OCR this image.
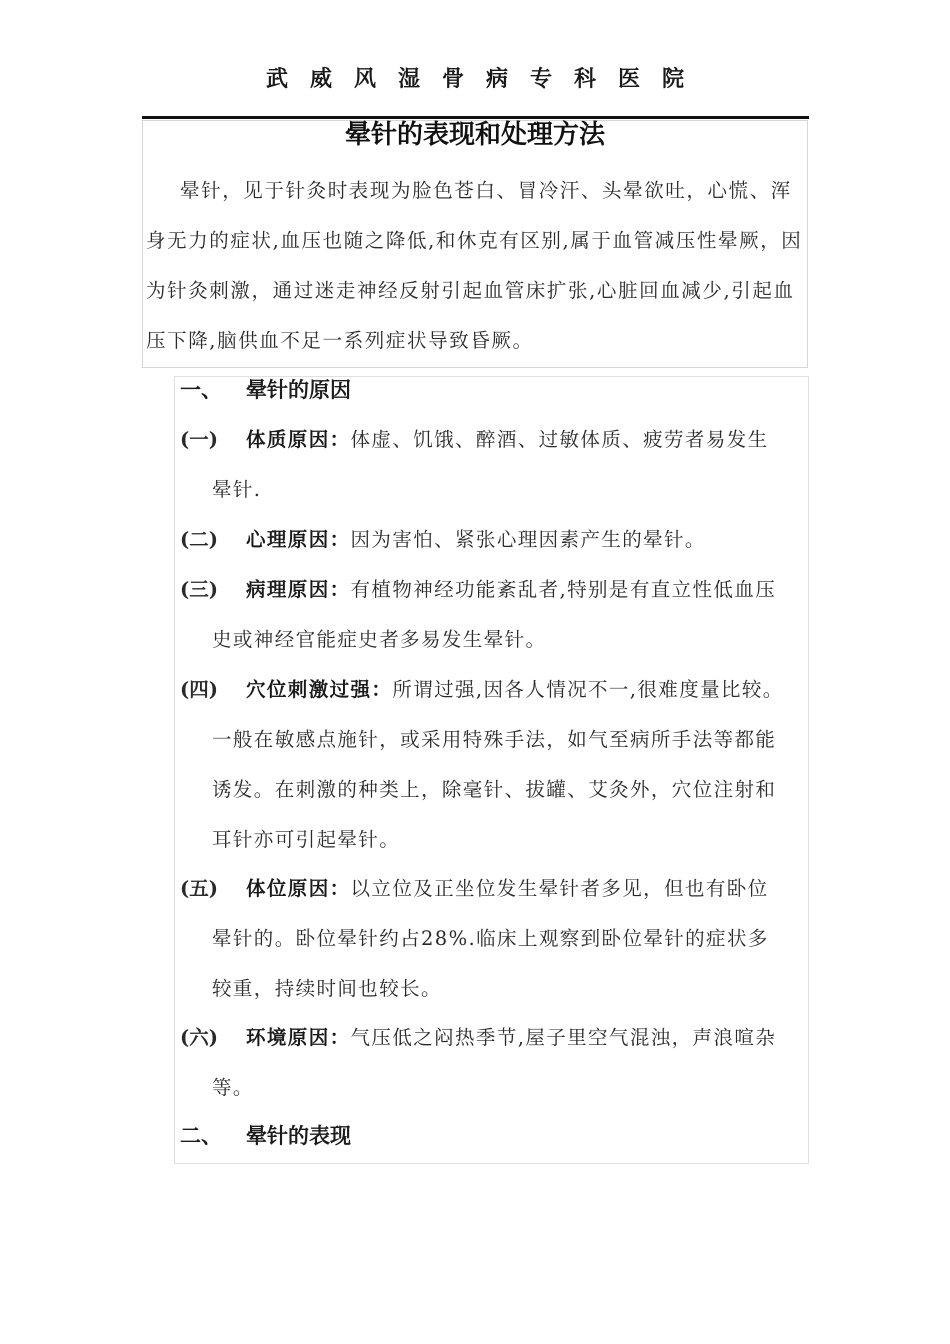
武威风湿骨病专科医院
晕针的表现和处理方法

晕针，见于针灸时表现为脸色苍白、冒冷汗、头晕欲吐，心慌、浑身无力的症状,血压也随之降低,和休克有区别,属于血管减压性晕厥，因为针灸刺激，通过迷走神经反射引起血管床扩张,心脏回血减少,引起血压下降,脑供血不足一系列症状导致昏厥。

一、 晕针的原因
(一) 体质原因：体虚、饥饿、醉酒、过敏体质、疲劳者易发生
晕针.
(二) 心理原因：因为害怕、紧张心理因素产生的晕针。
(三) 病理原因：有植物神经功能紊乱者,特别是有直立性低血压
史或神经官能症史者多易发生晕针。
(四) 穴位刺激过强：所谓过强,因各人情况不一,很难度量比较。
一般在敏感点施针，或采用特殊手法，如气至病所手法等都能
诱发。在刺激的种类上，除毫针、拔罐、艾灸外，穴位注射和
耳针亦可引起晕针。
(五) 体位原因：以立位及正坐位发生晕针者多见，但也有卧位
晕针的。卧位晕针约占28%.临床上观察到卧位晕针的症状多
较重，持续时间也较长。
(六) 环境原因：气压低之闷热季节,屋子里空气混浊，声浪喧杂
等。
二、 晕针的表现
